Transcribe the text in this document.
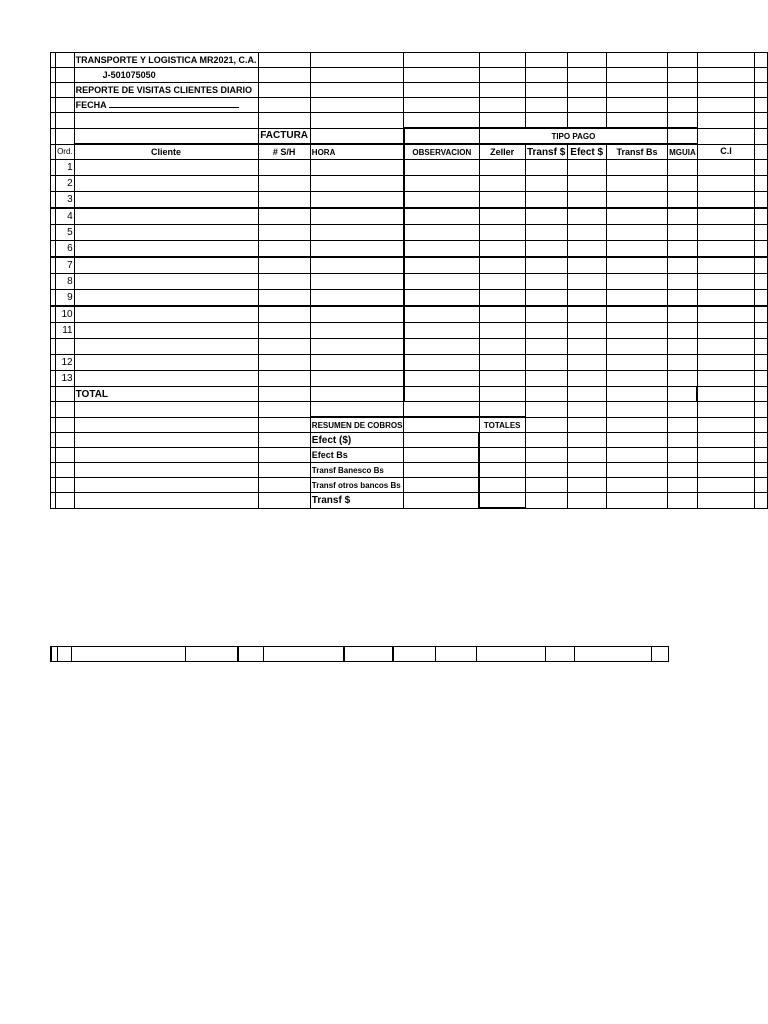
		TRANSPORTE Y LOGISTICA MR2021, C.A.										
		J-501075050										
		REPORTE DE VISITAS CLIENTES DIARIO										
		FECHA										

			FACTURA			TIPO PAGO						
	Ord.	Cliente	# S/H	HORA	OBSERVACION	Zeller	Transf $	Efect $	Transf Bs	MGUIA	C.I	
	1											
	2											
	3											
	4											
	5											
	6											
	7											
	8											
	9											
	10											
	11											

	12											
	13											
		TOTAL										

				RESUMEN DE COBROS		TOTALES						
				Efect ($)								
				Efect Bs								
				Transf Banesco Bs								
				Transf otros bancos Bs								
				Transf $								
